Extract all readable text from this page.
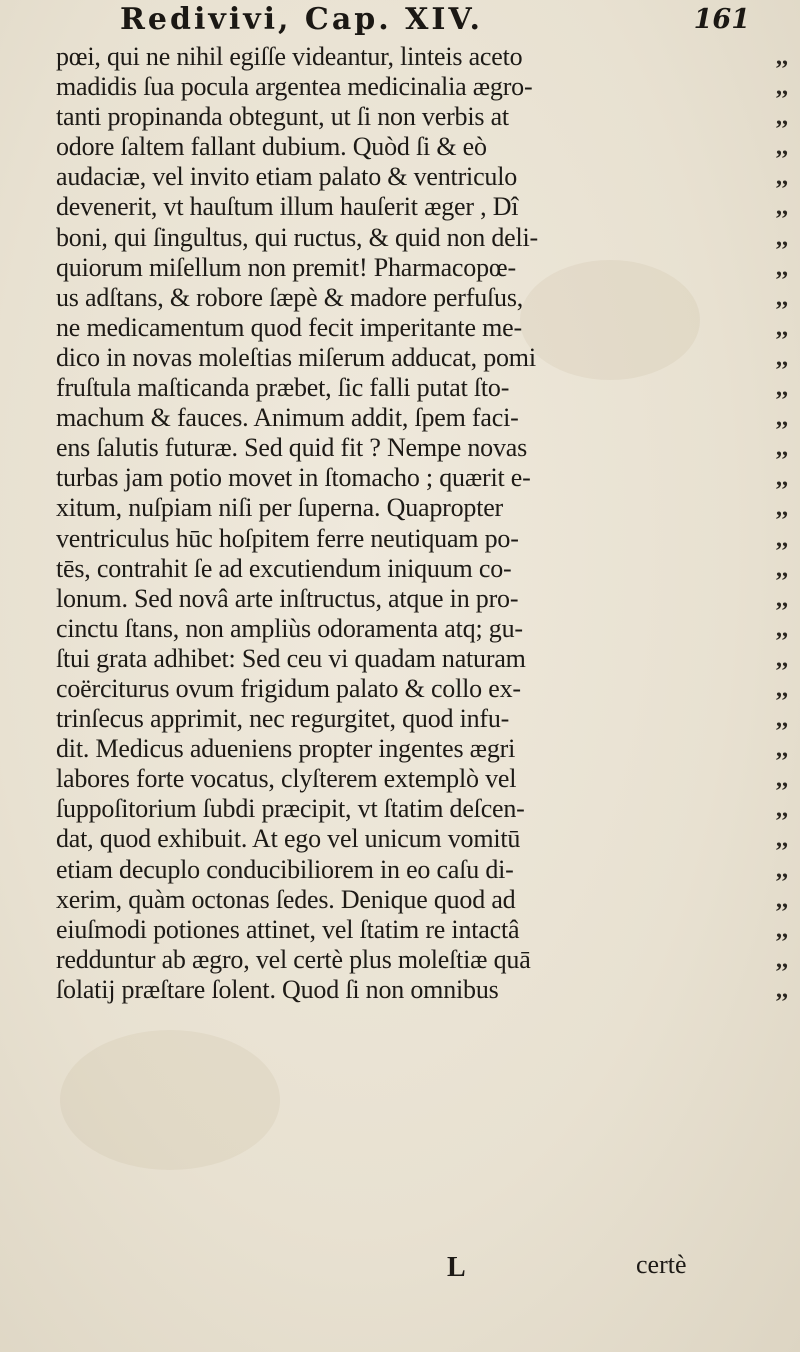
Redivivi, Cap. XIV.	161
pœi, qui ne nihil egiſſe videantur, linteis aceto	,,
madidis ſua pocula argentea medicinalia ægro-	,,
tanti propinanda obtegunt, ut ſi non verbis at	,,
odore ſaltem fallant dubium. Quòd ſi & eò	,,
audaciæ, vel invito etiam palato & ventriculo	,,
devenerit, vt hauſtum illum hauſerit æger , Dî	,,
boni, qui ſingultus, qui ructus, & quid non deli-	,,
quiorum miſellum non premit! Pharmacopœ-	,,
us adſtans, & robore ſæpè & madore perfuſus,	,,
ne medicamentum quod fecit imperitante me-	,,
dico in novas moleſtias miſerum adducat, pomi	,,
fruſtula maſticanda præbet, ſic falli putat ſto-	,,
machum & fauces. Animum addit, ſpem faci-	,,
ens ſalutis futuræ. Sed quid fit ? Nempe novas	,,
turbas jam potio movet in ſtomacho ; quærit e-	,,
xitum, nuſpiam niſi per ſuperna. Quapropter	,,
ventriculus hūc hoſpitem ferre neutiquam po-	,,
tēs, contrahit ſe ad excutiendum iniquum co-	,,
lonum. Sed novâ arte inſtructus, atque in pro-	,,
cinctu ſtans, non ampliùs odoramenta atq; gu-	,,
ſtui grata adhibet: Sed ceu vi quadam naturam	,,
coërciturus ovum frigidum palato & collo ex-	,,
trinſecus apprimit, nec regurgitet, quod infu-	,,
dit. Medicus adueniens propter ingentes ægri	,,
labores forte vocatus, clyſterem extemplò vel	,,
ſuppoſitorium ſubdi præcipit, vt ſtatim deſcen-	,,
dat, quod exhibuit. At ego vel unicum vomitū	,,
etiam decuplo conducibiliorem in eo caſu di-	,,
xerim, quàm octonas ſedes. Denique quod ad	,,
eiuſmodi potiones attinet, vel ſtatim re intactâ	,,
redduntur ab ægro, vel certè plus moleſtiæ quā	,,
ſolatij præſtare ſolent. Quod ſi non omnibus	,,
L	certè
